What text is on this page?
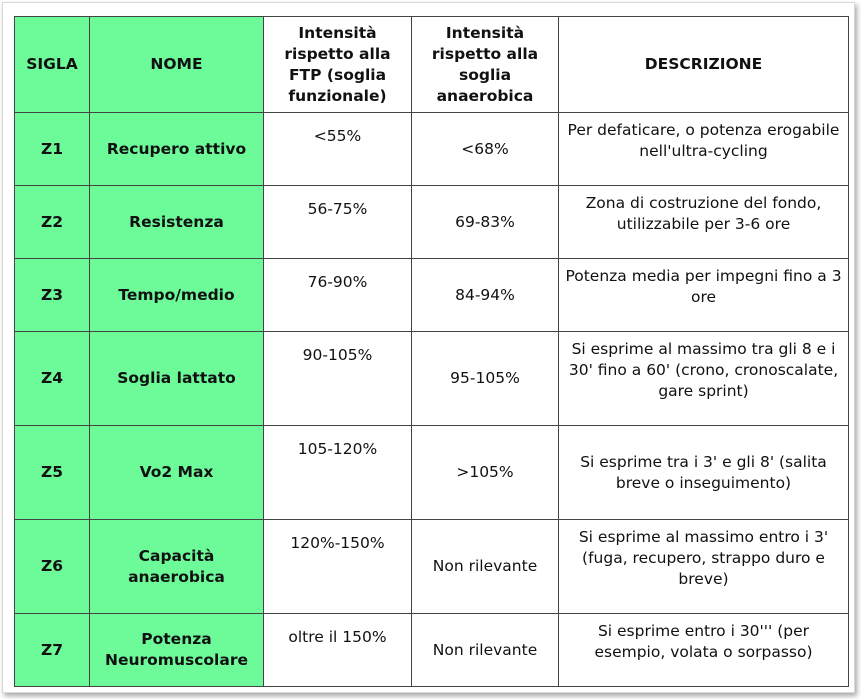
SIGLA	NOME	Intensità rispetto alla FTP (soglia funzionale)	Intensità rispetto alla soglia anaerobica	DESCRIZIONE
Z1	Recupero attivo	<55%	<68%	Per defaticare, o potenza erogabile nell'ultra-cycling
Z2	Resistenza	56-75%	69-83%	Zona di costruzione del fondo, utilizzabile per 3-6 ore
Z3	Tempo/medio	76-90%	84-94%	Potenza media per impegni fino a 3 ore
Z4	Soglia lattato	90-105%	95-105%	Si esprime al massimo tra gli 8 e i 30' fino a 60' (crono, cronoscalate, gare sprint)
Z5	Vo2 Max	105-120%	>105%	Si esprime tra i 3' e gli 8' (salita breve o inseguimento)
Z6	Capacità anaerobica	120%-150%	Non rilevante	Si esprime al massimo entro i 3' (fuga, recupero, strappo duro e breve)
Z7	Potenza Neuromuscolare	oltre il 150%	Non rilevante	Si esprime entro i 30''' (per esempio, volata o sorpasso)
